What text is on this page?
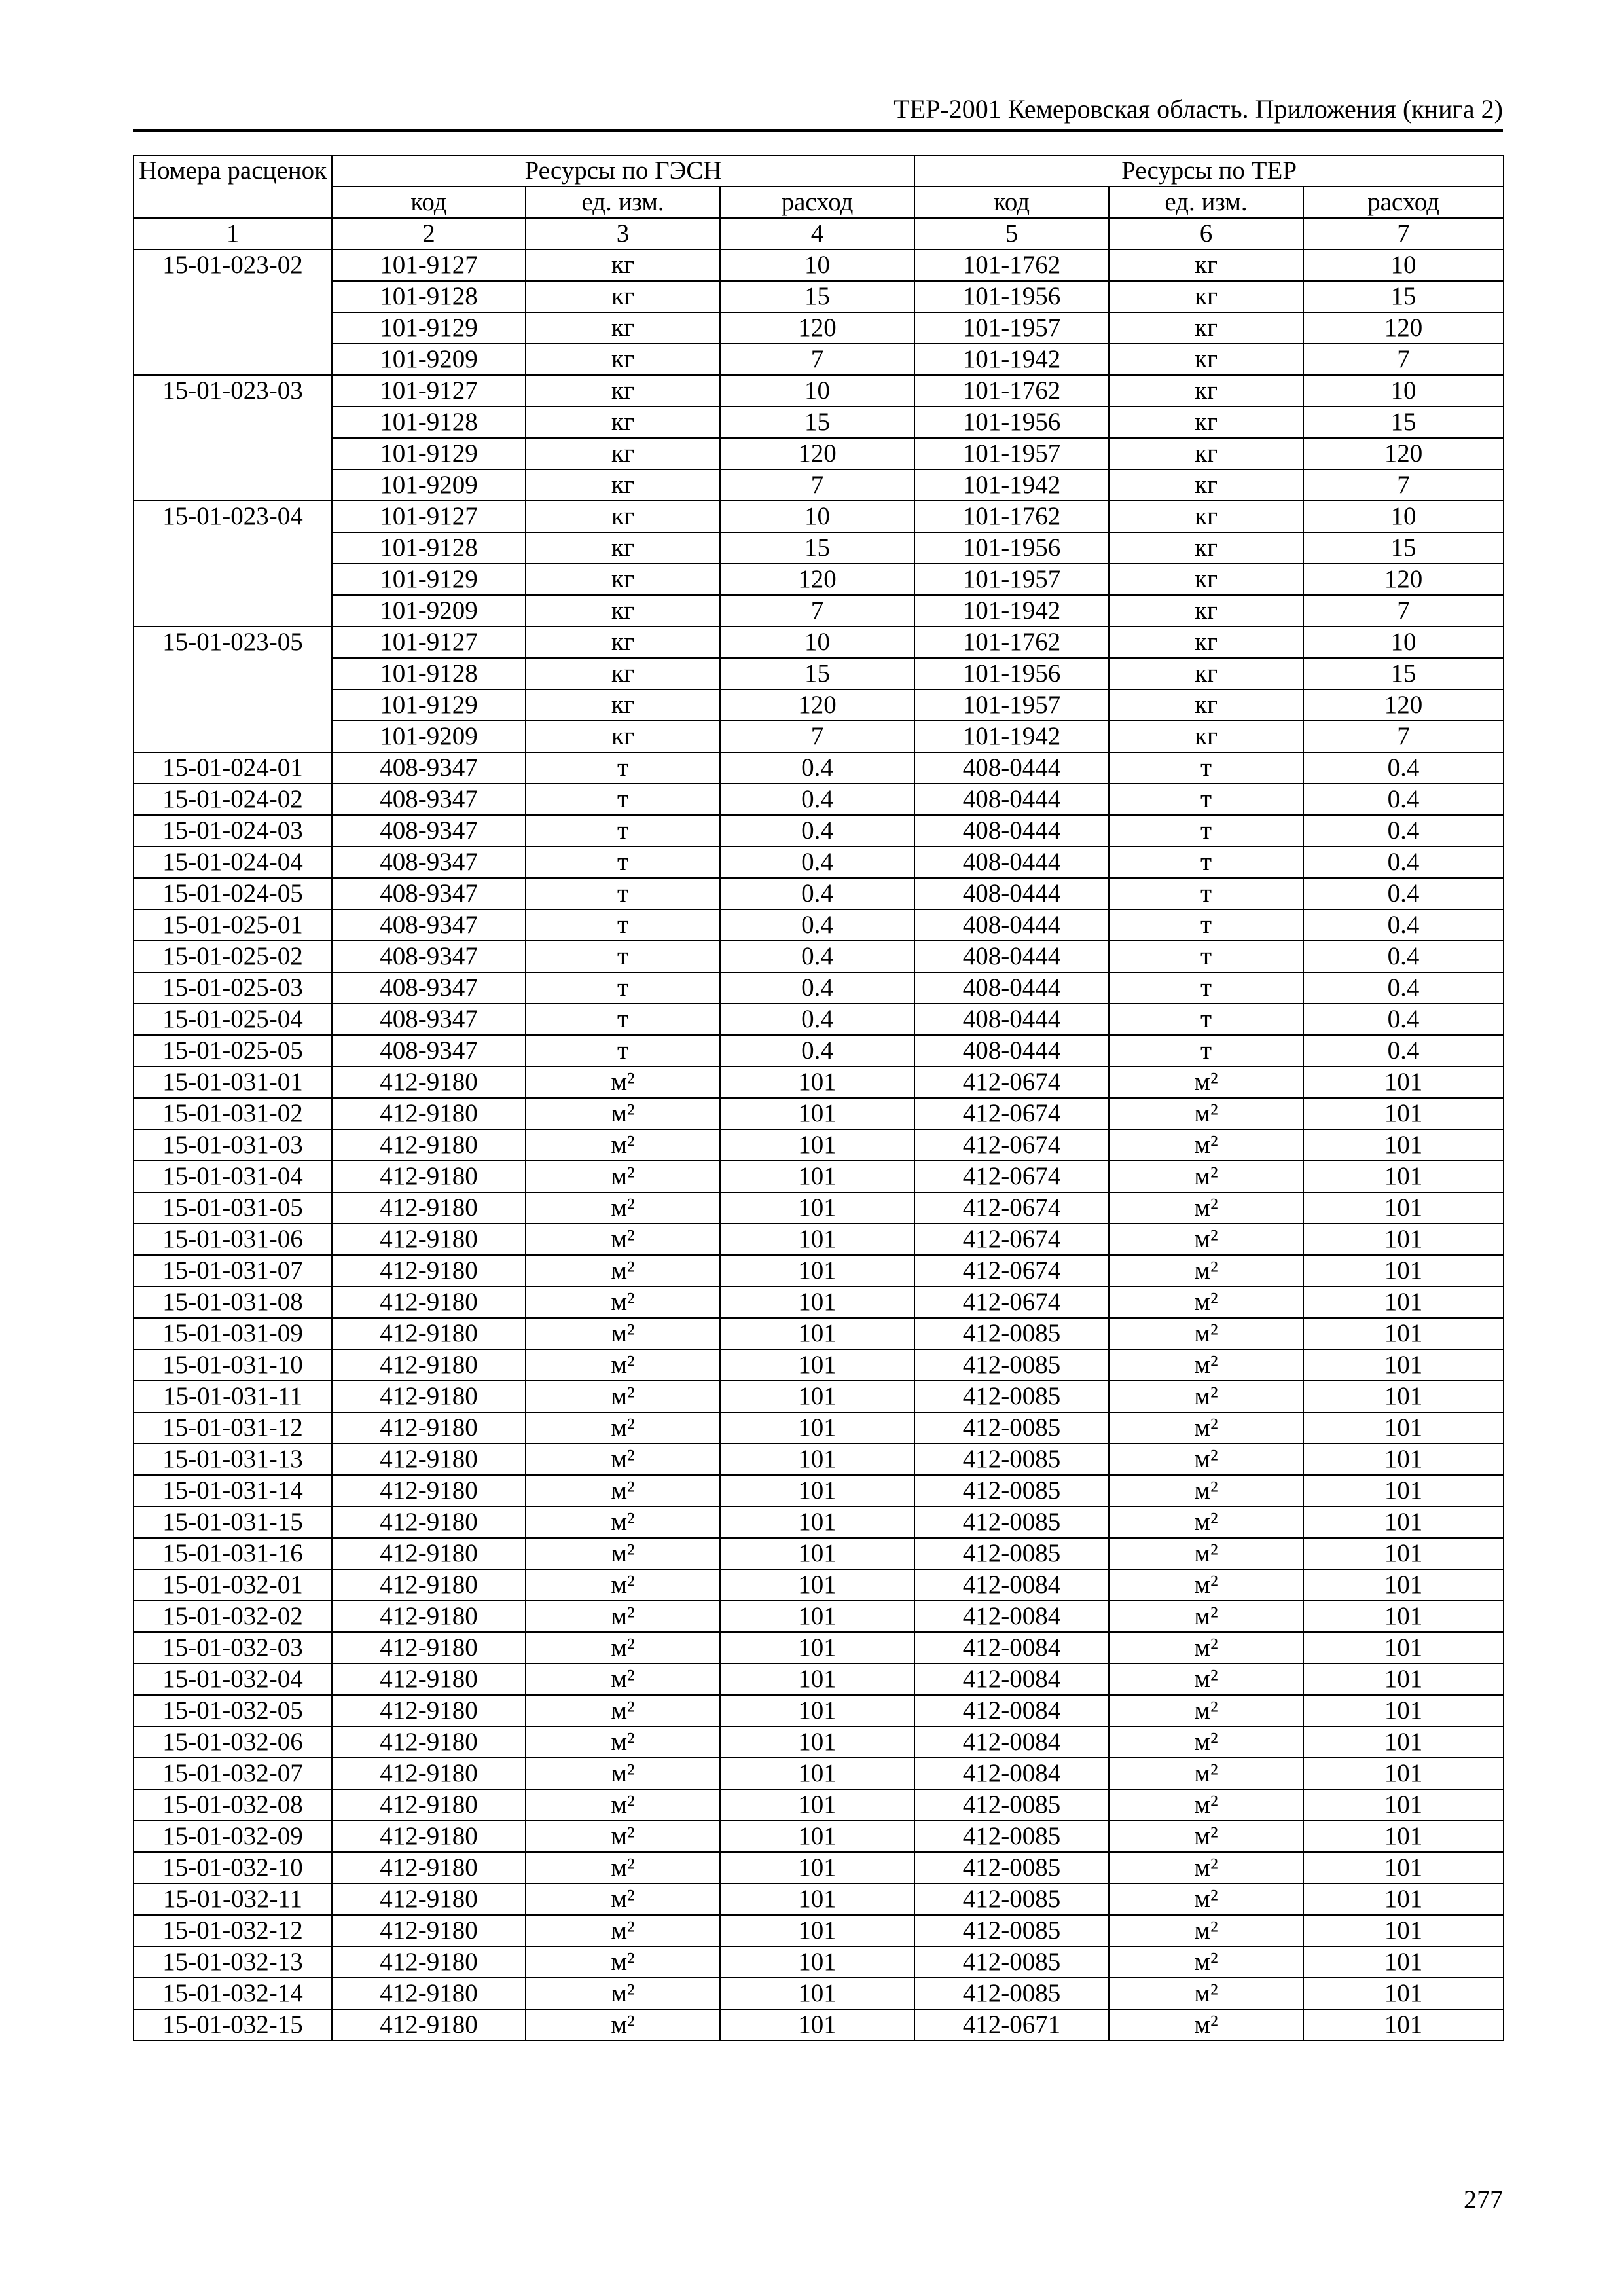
ТЕР-2001 Кемеровская область. Приложения (книга 2)
Номера расценок	Ресурсы по ГЭСН			Ресурсы по ТЕР		
	код	ед. изм.	расход	код	ед. изм.	расход
1	2	3	4	5	6	7
15-01-023-02	101-9127	кг	10	101-1762	кг	10
	101-9128	кг	15	101-1956	кг	15
	101-9129	кг	120	101-1957	кг	120
	101-9209	кг	7	101-1942	кг	7
15-01-023-03	101-9127	кг	10	101-1762	кг	10
	101-9128	кг	15	101-1956	кг	15
	101-9129	кг	120	101-1957	кг	120
	101-9209	кг	7	101-1942	кг	7
15-01-023-04	101-9127	кг	10	101-1762	кг	10
	101-9128	кг	15	101-1956	кг	15
	101-9129	кг	120	101-1957	кг	120
	101-9209	кг	7	101-1942	кг	7
15-01-023-05	101-9127	кг	10	101-1762	кг	10
	101-9128	кг	15	101-1956	кг	15
	101-9129	кг	120	101-1957	кг	120
	101-9209	кг	7	101-1942	кг	7
15-01-024-01	408-9347	т	0.4	408-0444	т	0.4
15-01-024-02	408-9347	т	0.4	408-0444	т	0.4
15-01-024-03	408-9347	т	0.4	408-0444	т	0.4
15-01-024-04	408-9347	т	0.4	408-0444	т	0.4
15-01-024-05	408-9347	т	0.4	408-0444	т	0.4
15-01-025-01	408-9347	т	0.4	408-0444	т	0.4
15-01-025-02	408-9347	т	0.4	408-0444	т	0.4
15-01-025-03	408-9347	т	0.4	408-0444	т	0.4
15-01-025-04	408-9347	т	0.4	408-0444	т	0.4
15-01-025-05	408-9347	т	0.4	408-0444	т	0.4
15-01-031-01	412-9180	м²	101	412-0674	м²	101
15-01-031-02	412-9180	м²	101	412-0674	м²	101
15-01-031-03	412-9180	м²	101	412-0674	м²	101
15-01-031-04	412-9180	м²	101	412-0674	м²	101
15-01-031-05	412-9180	м²	101	412-0674	м²	101
15-01-031-06	412-9180	м²	101	412-0674	м²	101
15-01-031-07	412-9180	м²	101	412-0674	м²	101
15-01-031-08	412-9180	м²	101	412-0674	м²	101
15-01-031-09	412-9180	м²	101	412-0085	м²	101
15-01-031-10	412-9180	м²	101	412-0085	м²	101
15-01-031-11	412-9180	м²	101	412-0085	м²	101
15-01-031-12	412-9180	м²	101	412-0085	м²	101
15-01-031-13	412-9180	м²	101	412-0085	м²	101
15-01-031-14	412-9180	м²	101	412-0085	м²	101
15-01-031-15	412-9180	м²	101	412-0085	м²	101
15-01-031-16	412-9180	м²	101	412-0085	м²	101
15-01-032-01	412-9180	м²	101	412-0084	м²	101
15-01-032-02	412-9180	м²	101	412-0084	м²	101
15-01-032-03	412-9180	м²	101	412-0084	м²	101
15-01-032-04	412-9180	м²	101	412-0084	м²	101
15-01-032-05	412-9180	м²	101	412-0084	м²	101
15-01-032-06	412-9180	м²	101	412-0084	м²	101
15-01-032-07	412-9180	м²	101	412-0084	м²	101
15-01-032-08	412-9180	м²	101	412-0085	м²	101
15-01-032-09	412-9180	м²	101	412-0085	м²	101
15-01-032-10	412-9180	м²	101	412-0085	м²	101
15-01-032-11	412-9180	м²	101	412-0085	м²	101
15-01-032-12	412-9180	м²	101	412-0085	м²	101
15-01-032-13	412-9180	м²	101	412-0085	м²	101
15-01-032-14	412-9180	м²	101	412-0085	м²	101
15-01-032-15	412-9180	м²	101	412-0671	м²	101
277
